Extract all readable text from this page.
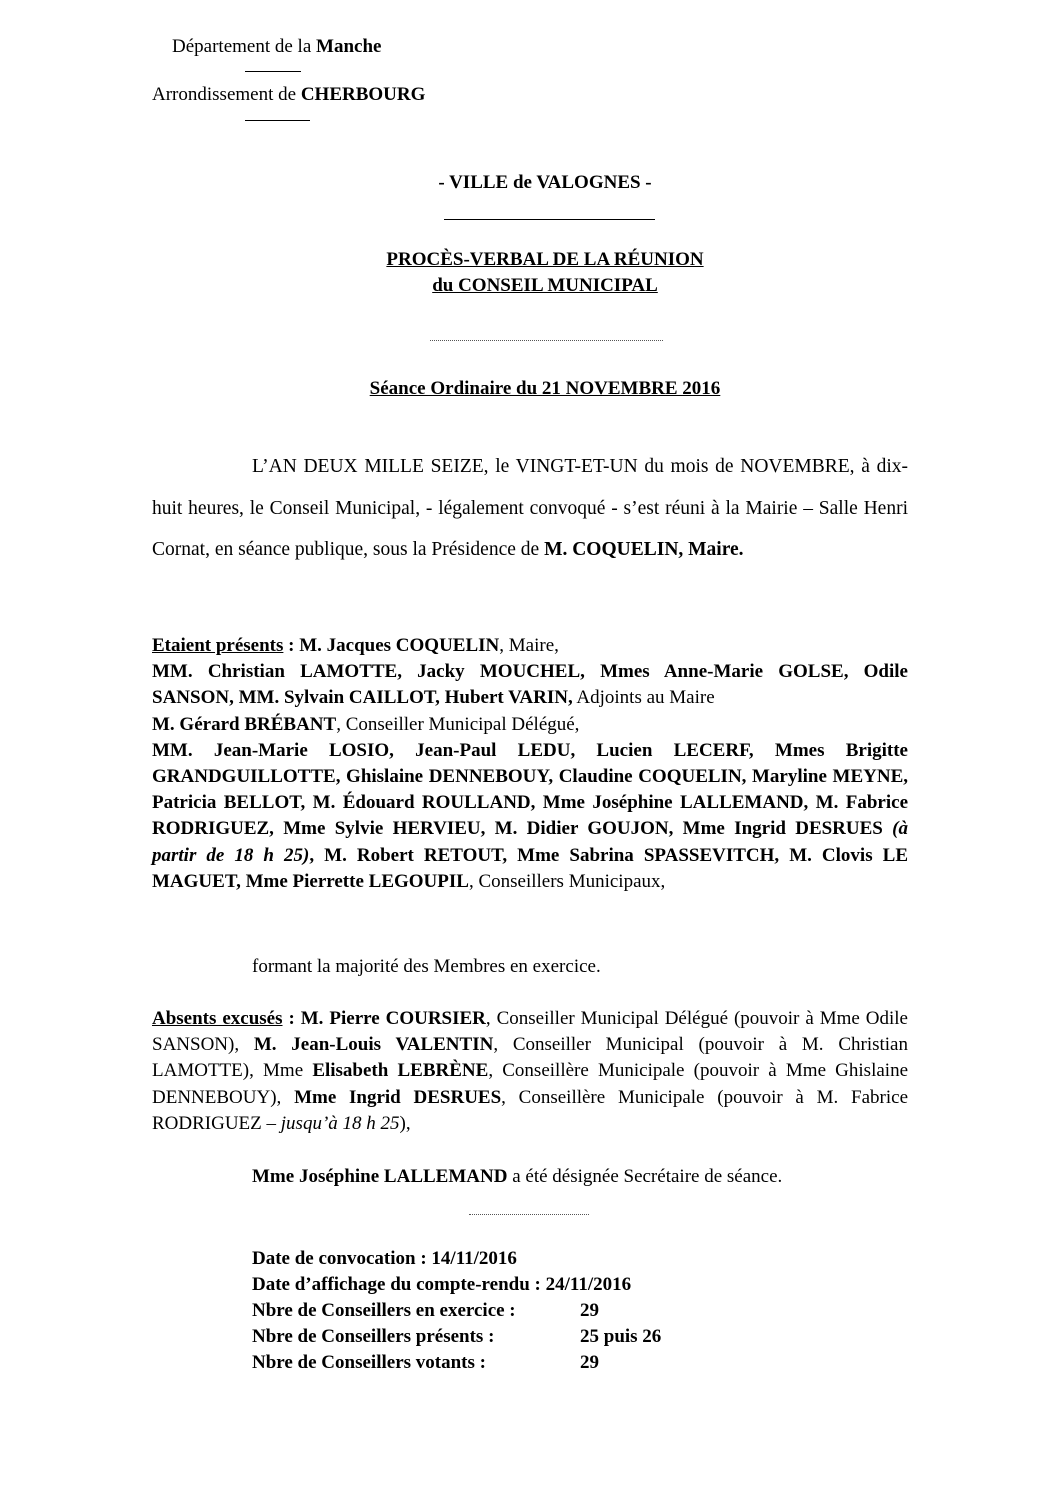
Département de la Manche
Arrondissement de CHERBOURG
- VILLE de VALOGNES -
PROCÈS-VERBAL DE LA RÉUNION
du CONSEIL MUNICIPAL
Séance Ordinaire du 21 NOVEMBRE 2016
L’AN DEUX MILLE SEIZE, le VINGT-ET-UN du mois de NOVEMBRE, à dix-huit heures, le Conseil Municipal, - légalement convoqué - s’est réuni à la Mairie – Salle Henri Cornat, en séance publique, sous la Présidence de M. COQUELIN, Maire.
Etaient présents : M. Jacques COQUELIN, Maire,
MM. Christian LAMOTTE, Jacky MOUCHEL, Mmes Anne-Marie GOLSE, Odile SANSON, MM. Sylvain CAILLOT, Hubert VARIN, Adjoints au Maire
M. Gérard BRÉBANT, Conseiller Municipal Délégué,
MM. Jean-Marie LOSIO, Jean-Paul LEDU, Lucien LECERF, Mmes Brigitte GRANDGUILLOTTE, Ghislaine DENNEBOUY, Claudine COQUELIN, Maryline MEYNE, Patricia BELLOT, M. Édouard ROULLAND, Mme Joséphine LALLEMAND, M. Fabrice RODRIGUEZ, Mme Sylvie HERVIEU, M. Didier GOUJON, Mme Ingrid DESRUES (à partir de 18 h 25), M. Robert RETOUT, Mme Sabrina SPASSEVITCH, M. Clovis LE MAGUET, Mme Pierrette LEGOUPIL, Conseillers Municipaux,
formant la majorité des Membres en exercice.
Absents excusés : M. Pierre COURSIER, Conseiller Municipal Délégué (pouvoir à Mme Odile SANSON), M. Jean-Louis VALENTIN, Conseiller Municipal (pouvoir à M. Christian LAMOTTE), Mme Elisabeth LEBRÈNE, Conseillère Municipale (pouvoir à Mme Ghislaine DENNEBOUY), Mme Ingrid DESRUES, Conseillère Municipale (pouvoir à M. Fabrice RODRIGUEZ – jusqu’à 18 h 25),
Mme Joséphine LALLEMAND a été désignée Secrétaire de séance.
Date de convocation : 14/11/2016
Date d’affichage du compte-rendu : 24/11/2016
Nbre de Conseillers en exercice :	29
Nbre de Conseillers présents :	25 puis 26
Nbre de Conseillers votants :	29
